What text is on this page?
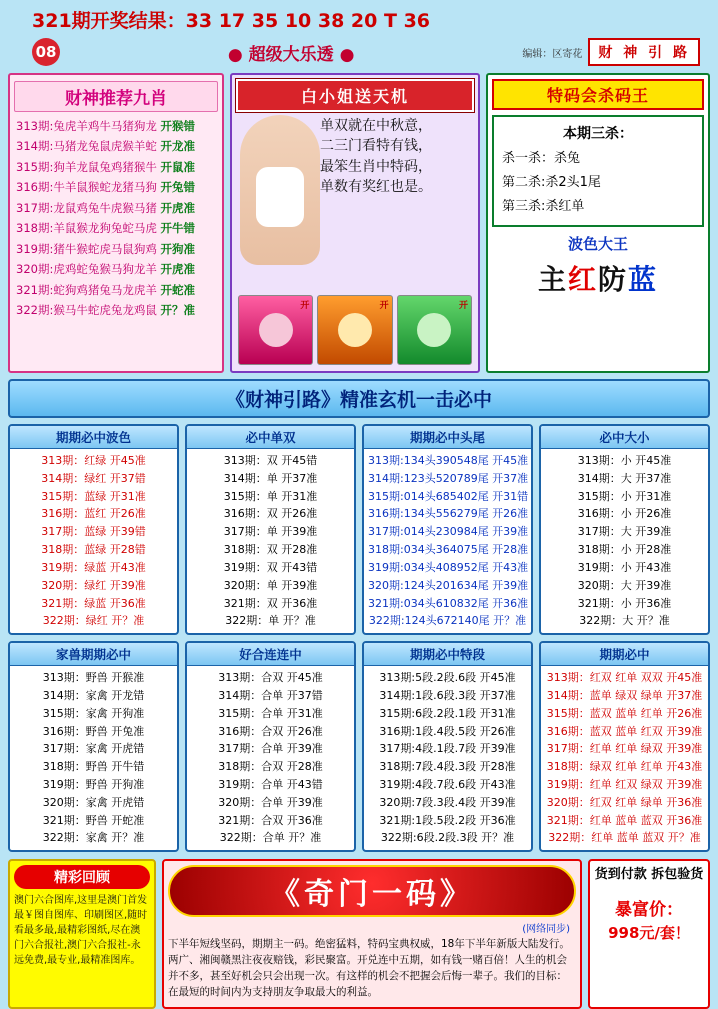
321期开奖结果：33 17 35 10 38 20 T 36
08	● 超级大乐透 ●	编辑：区寄花	财 神 引 路
财神推荐九肖
313期:兔虎羊鸡牛马猪狗龙 开猴错
314期:马猪龙兔鼠虎猴羊蛇 开龙准
315期:狗羊龙鼠兔鸡猪猴牛 开鼠准
316期:牛羊鼠猴蛇龙猪马狗 开兔错
317期:龙鼠鸡兔牛虎猴马猪 开虎准
318期:羊鼠猴龙狗兔蛇马虎 开牛错
319期:猪牛猴蛇虎马鼠狗鸡 开狗准
320期:虎鸡蛇兔猴马狗龙羊 开虎准
321期:蛇狗鸡猪兔马龙虎羊 开蛇准
322期:猴马牛蛇虎兔龙鸡鼠 开？准
白小姐送天机
单双就在中秋意，
二三门看特有钱，
最笨生肖中特码，
单数有奖红也是。
开	开	开
特码会杀码王
本期三杀：
杀一杀：杀兔
第二杀:杀2头1尾
第三杀:杀红单
波色大王
主红防蓝
《财神引路》精准玄机一击必中
期期必中波色
313期：红绿 开45准
314期：绿红 开37错
315期：蓝绿 开31准
316期：蓝红 开26准
317期：蓝绿 开39错
318期：蓝绿 开28错
319期：绿蓝 开43准
320期：绿红 开39准
321期：绿蓝 开36准
322期：绿红 开？准
必中单双
313期：双 开45错
314期：单 开37准
315期：单 开31准
316期：双 开26准
317期：单 开39准
318期：双 开28准
319期：双 开43错
320期：单 开39准
321期：双 开36准
322期：单 开？准
期期必中头尾
313期:134头390548尾 开45准
314期:123头520789尾 开37准
315期:014头685402尾 开31错
316期:134头556279尾 开26准
317期:014头230984尾 开39准
318期:034头364075尾 开28准
319期:034头408952尾 开43准
320期:124头201634尾 开39准
321期:034头610832尾 开36准
322期:124头672140尾 开？准
必中大小
313期：小 开45准
314期：大 开37准
315期：小 开31准
316期：小 开26准
317期：大 开39准
318期：小 开28准
319期：小 开43准
320期：大 开39准
321期：小 开36准
322期：大 开？准
家兽期期必中
313期：野兽 开猴准
314期：家禽 开龙错
315期：家禽 开狗准
316期：野兽 开兔准
317期：家禽 开虎错
318期：野兽 开牛错
319期：野兽 开狗准
320期：家禽 开虎错
321期：野兽 开蛇准
322期：家禽 开？准
好合连连中
313期：合双 开45准
314期：合单 开37错
315期：合单 开31准
316期：合双 开26准
317期：合单 开39准
318期：合双 开28准
319期：合单 开43错
320期：合单 开39准
321期：合双 开36准
322期：合单 开？准
期期必中特段
313期:5段.2段.6段 开45准
314期:1段.6段.3段 开37准
315期:6段.2段.1段 开31准
316期:1段.4段.5段 开26准
317期:4段.1段.7段 开39准
318期:7段.4段.3段 开28准
319期:4段.7段.6段 开43准
320期:7段.3段.4段 开39准
321期:1段.5段.2段 开36准
322期:6段.2段.3段 开？准
期期必中
313期：红双 红单 双双 开45准
314期：蓝单 绿双 绿单 开37准
315期：蓝双 蓝单 红单 开26准
316期：蓝双 蓝单 红双 开39准
317期：红单 红单 绿双 开39准
318期：绿双 红单 红单 开43准
319期：红单 红双 绿双 开39准
320期：红双 红单 绿单 开36准
321期：红单 蓝单 蓝双 开36准
322期：红单 蓝单 蓝双 开？准
精彩回顾

澳门六合图库,这里是澳门首发最￥图自图库、印刷图区,随时看最多最,最精彩图纸,尽在澳门六合报社,澳门六合报社-永远免费,最专业,最精准图库。

《奇门一码》
(网络同步)

下半年短线坚码，期期主一码。绝密猛料，特码宝典权威，18年下半年新版大陆发行。两广、湘闽赣黑注夜夜赔钱，彩民聚富。开兑连中五期，如有钱一赌百倍！人生的机会并不多，甚至好机会只会出现一次。有这样的机会不把握会后悔一辈子。我们的目标：在最短的时间内为支持朋友争取最大的利益。

货到付款 拆包验货
暴富价：
998元/套！
